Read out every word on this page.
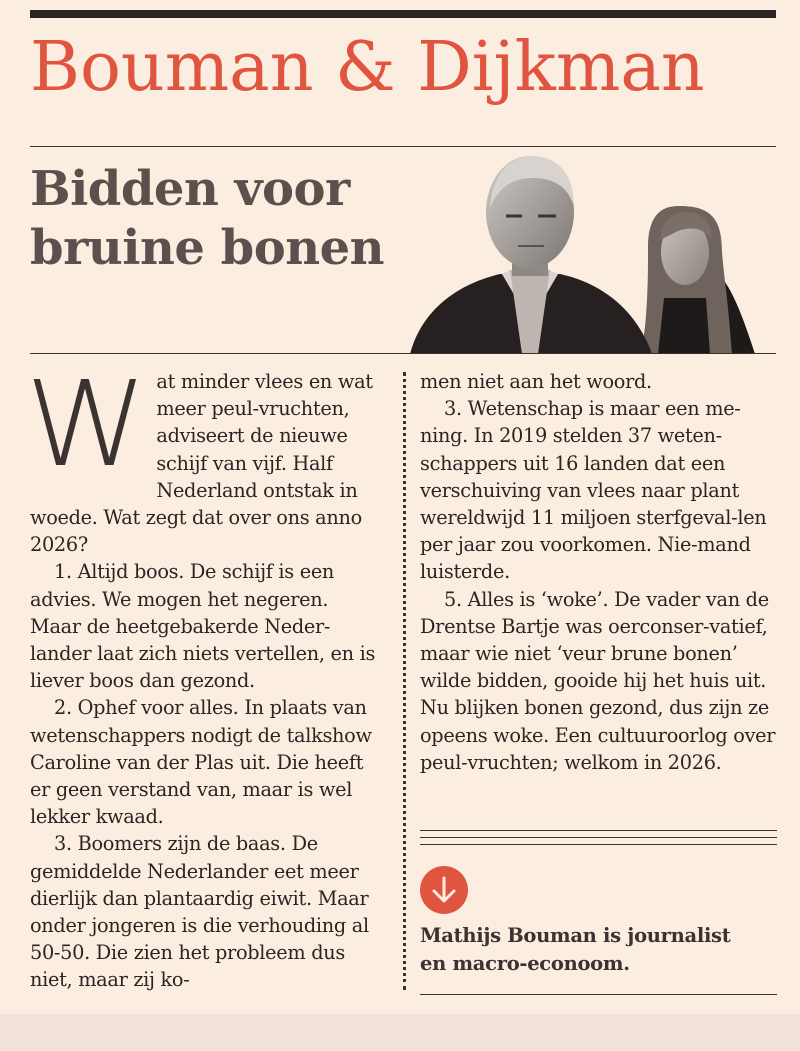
Bouman & Dijkman
Bidden voor
bruine bonen
W at minder vlees en wat meer peul-vruchten, adviseert de nieuwe schijf van vijf. Half Nederland ontstak in woede. Wat zegt dat over ons anno 2026?

1. Altijd boos. De schijf is een advies. We mogen het negeren. Maar de heetgebakerde Neder-lander laat zich niets vertellen, en is liever boos dan gezond.

2. Ophef voor alles. In plaats van wetenschappers nodigt de talkshow Caroline van der Plas uit. Die heeft er geen verstand van, maar is wel lekker kwaad.

3. Boomers zijn de baas. De gemiddelde Nederlander eet meer dierlijk dan plantaardig eiwit. Maar onder jongeren is die verhouding al 50-50. Die zien het probleem dus niet, maar zij ko-

men niet aan het woord.

3. Wetenschap is maar een me-ning. In 2019 stelden 37 weten-schappers uit 16 landen dat een verschuiving van vlees naar plant wereldwijd 11 miljoen sterfgeval-len per jaar zou voorkomen. Nie-mand luisterde.

5. Alles is ‘woke’. De vader van de Drentse Bartje was oerconser-vatief, maar wie niet ‘veur brune bonen’ wilde bidden, gooide hij het huis uit. Nu blijken bonen gezond, dus zijn ze opeens woke. Een cultuuroorlog over peul-vruchten; welkom in 2026.

Mathijs Bouman is journalist
en macro-econoom.
